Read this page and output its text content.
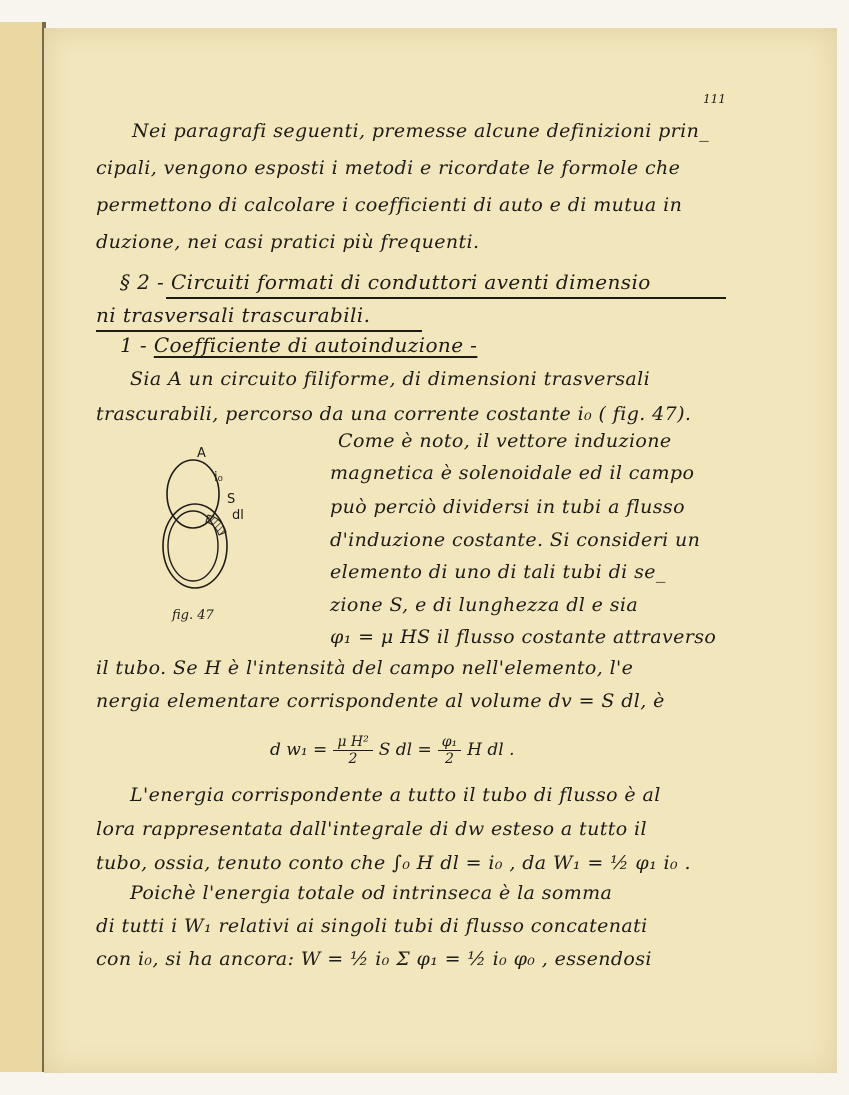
111
Nei paragrafi seguenti, premesse alcune definizioni prin_
cipali, vengono esposti i metodi e ricordate le formole che
permettono di calcolare i coefficienti di auto e di mutua in
duzione, nei casi pratici più frequenti.
§ 2 - Circuiti formati di conduttori aventi dimensio
ni trasversali trascurabili.
1 - Coefficiente di autoinduzione -
Sia A un circuito filiforme, di dimensioni trasversali
trascurabili, percorso da una corrente costante i₀ ( fig. 47).
Come è noto, il vettore induzione
magnetica è solenoidale ed il campo
può perciò dividersi in tubi a flusso
d'induzione costante. Si consideri un
elemento di uno di tali tubi di se_
zione S, e di lunghezza dl e sia
φ₁ = μ HS il flusso costante attraverso
il tubo. Se H è l'intensità del campo nell'elemento, l'e
nergia elementare corrispondente al volume dv = S dl, è
A
i₀
S
dl
fig. 47
d $w_1 = \frac{\text{μ H²}}{2}$ S dl = $\frac{\text{φ₁}}{2}$ H dl .
L'energia corrispondente a tutto il tubo di flusso è al
lora rappresentata dall'integrale di dw esteso a tutto il
tubo, ossia, tenuto conto che ∫₀ H dl = i₀ , da W₁ = ½ φ₁ i₀ .
Poichè l'energia totale od intrinseca è la somma
di tutti i W₁ relativi ai singoli tubi di flusso concatenati
con i₀, si ha ancora: W = ½ i₀ Σ φ₁ = ½ i₀ φ₀ , essendosi
